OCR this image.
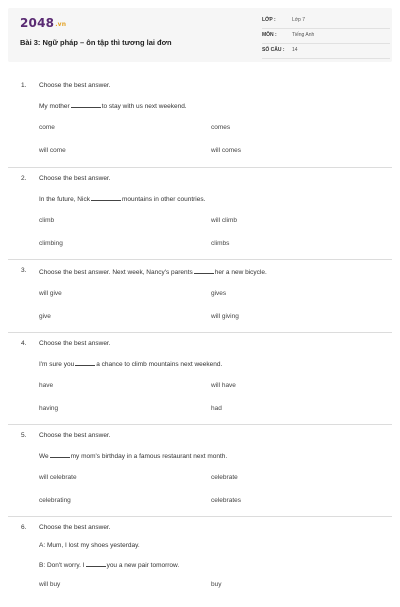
2048.vn
Bài 3: Ngữ pháp – ôn tập thì tương lai đơn
LỚP :	Lớp 7
MÔN :	Tiếng Anh
SỐ CÂU : 14
1. Choose the best answer.
My mother	to stay with us next weekend.
come	comes
will come	will comes
2. Choose the best answer.
In the future, Nick	mountains in other countries.
climb	will climb
climbing	climbs
3. Choose the best answer. Next week, Nancy's parents	her a new bicycle.
will give	gives
give	will giving
4. Choose the best answer.
I'm sure you	a chance to climb mountains next weekend.
have	will have
having	had
5. Choose the best answer.
We	my mom's birthday in a famous restaurant next month.
will celebrate	celebrate
celebrating	celebrates
6. Choose the best answer.
A: Mum, I lost my shoes yesterday.
B: Don't worry. I	you a new pair tomorrow.
will buy	buy
